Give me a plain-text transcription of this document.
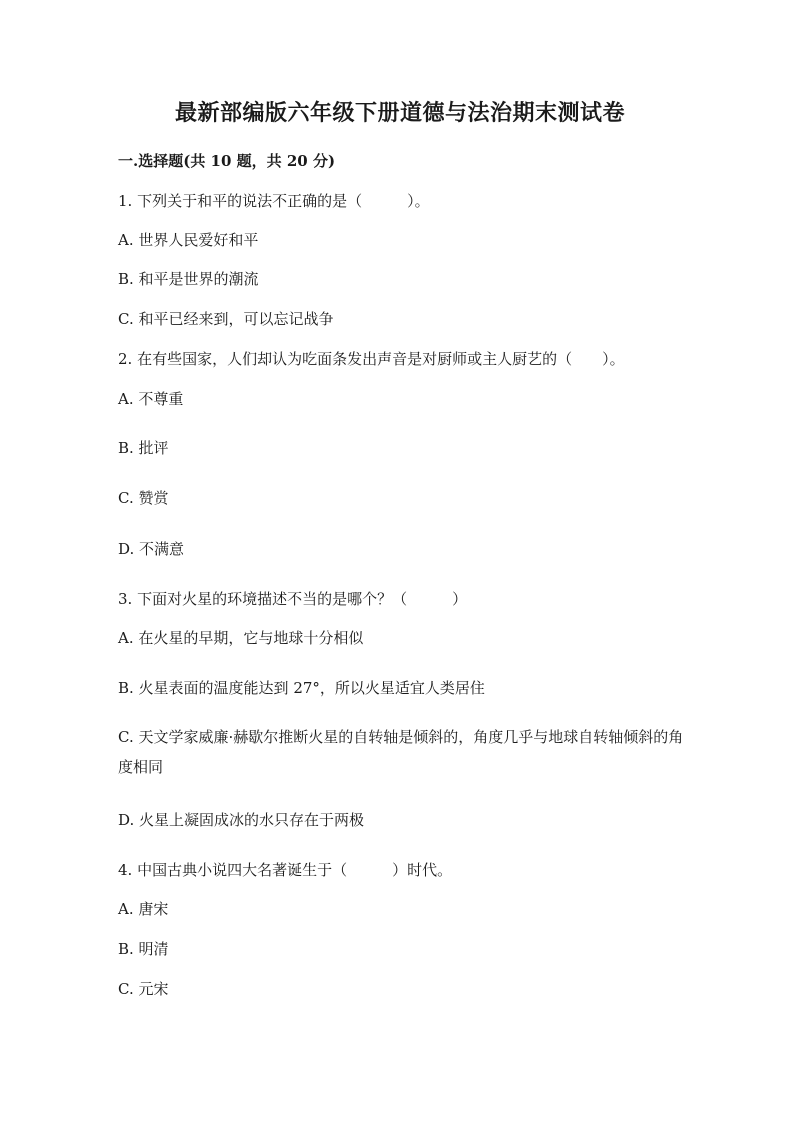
最新部编版六年级下册道德与法治期末测试卷
一.选择题(共 10 题，共 20 分)
1. 下列关于和平的说法不正确的是（　　　）。
A. 世界人民爱好和平
B. 和平是世界的潮流
C. 和平已经来到，可以忘记战争
2. 在有些国家，人们却认为吃面条发出声音是对厨师或主人厨艺的（　　）。
A. 不尊重
B. 批评
C. 赞赏
D. 不满意
3. 下面对火星的环境描述不当的是哪个？（　　　）
A. 在火星的早期，它与地球十分相似
B. 火星表面的温度能达到 27°，所以火星适宜人类居住
C. 天文学家威廉·赫歇尔推断火星的自转轴是倾斜的，角度几乎与地球自转轴倾斜的角度相同
D. 火星上凝固成冰的水只存在于两极
4. 中国古典小说四大名著诞生于（　　　）时代。
A. 唐宋
B. 明清
C. 元宋
